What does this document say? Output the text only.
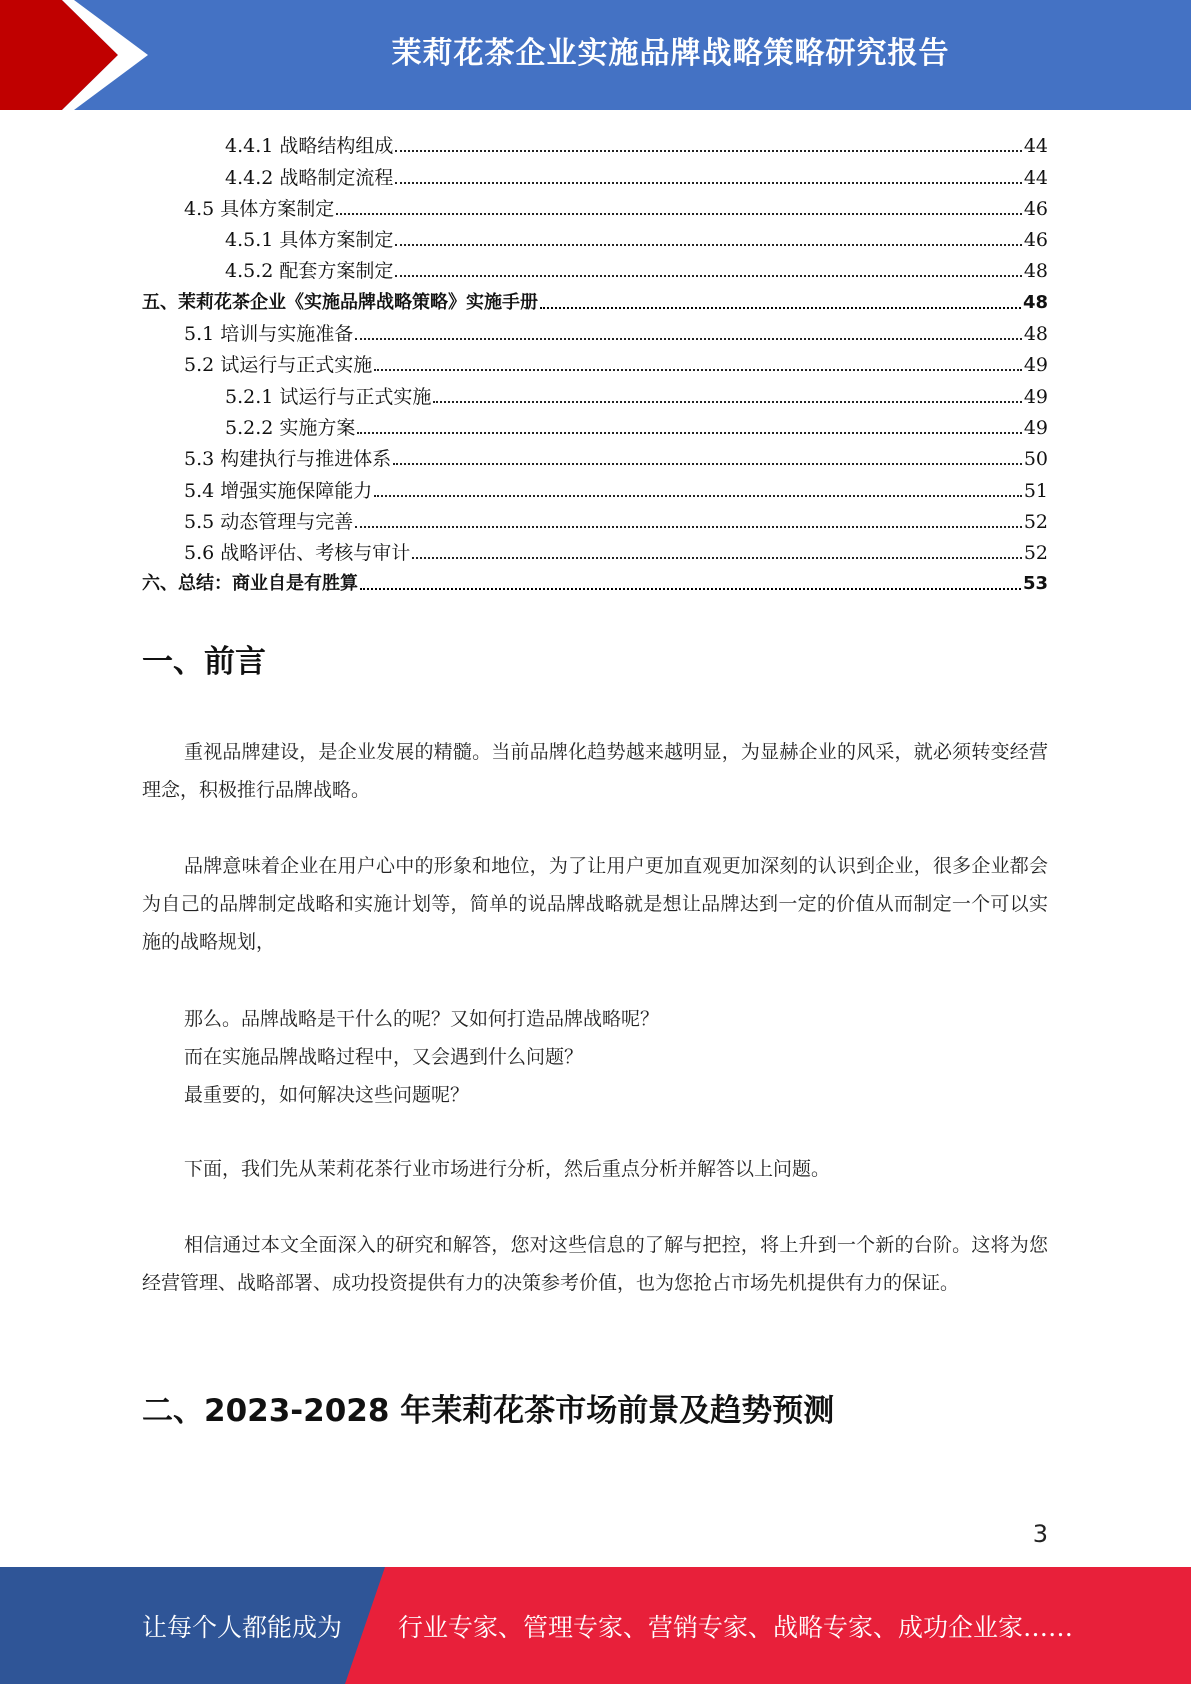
茉莉花茶企业实施品牌战略策略研究报告
4.4.1 战略结构组成	44
4.4.2 战略制定流程	44
4.5 具体方案制定	46
4.5.1 具体方案制定	46
4.5.2 配套方案制定	48
五、茉莉花茶企业《实施品牌战略策略》实施手册	48
5.1 培训与实施准备	48
5.2 试运行与正式实施	49
5.2.1 试运行与正式实施	49
5.2.2 实施方案	49
5.3 构建执行与推进体系	50
5.4 增强实施保障能力	51
5.5 动态管理与完善	52
5.6 战略评估、考核与审计	52
六、总结：商业自是有胜算	53
一、前言
重视品牌建设，是企业发展的精髓。当前品牌化趋势越来越明显，为显赫企业的风采，就必须转变经营理念，积极推行品牌战略。
品牌意味着企业在用户心中的形象和地位，为了让用户更加直观更加深刻的认识到企业，很多企业都会为自己的品牌制定战略和实施计划等，简单的说品牌战略就是想让品牌达到一定的价值从而制定一个可以实施的战略规划，
那么。品牌战略是干什么的呢？又如何打造品牌战略呢？
而在实施品牌战略过程中，又会遇到什么问题？
最重要的，如何解决这些问题呢？
下面，我们先从茉莉花茶行业市场进行分析，然后重点分析并解答以上问题。
相信通过本文全面深入的研究和解答，您对这些信息的了解与把控，将上升到一个新的台阶。这将为您经营管理、战略部署、成功投资提供有力的决策参考价值，也为您抢占市场先机提供有力的保证。
二、2023-2028 年茉莉花茶市场前景及趋势预测
3
让每个人都能成为 行业专家、管理专家、营销专家、战略专家、成功企业家……
